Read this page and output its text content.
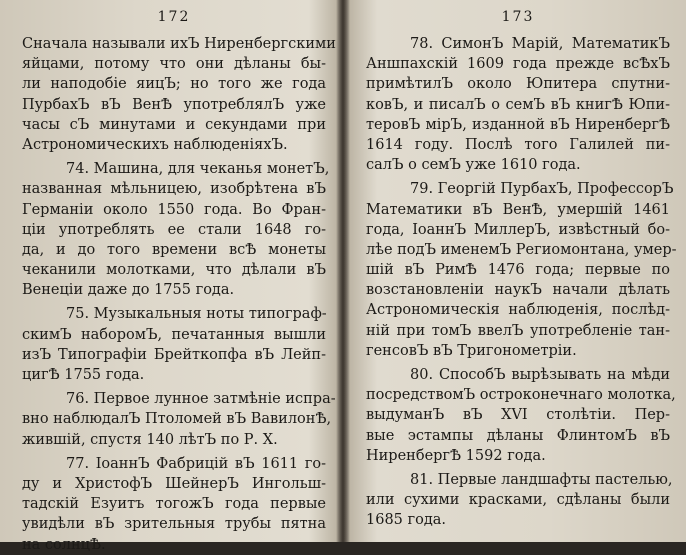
172
Сначала называли ихЪ Ниренбергскими
яйцами, потому что они дѣланы бы-
ли наподобіе яицЪ; но того же года
ПурбахЪ вЪ ВенѢ употреблялЪ уже
часы сЪ минутами и секундами при
Астрономическихъ наблюденіяхЪ.
74. Машина, для чеканья монетЪ,
названная мѣльницею, изобрѣтена вЪ
Германіи около 1550 года. Во Фран-
ціи употреблять ее стали 1648 го-
да, и до того времени всѢ монеты
чеканили молотками, что дѣлали вЪ
Венеціи даже до 1755 года.
75. Музыкальныя ноты типограф-
скимЪ наборомЪ, печатанныя вышли
изЪ Типографіи Брейткопфа вЪ Лейп-
цигѢ 1755 года.
76. Первое лунное затмѣніе испра-
вно наблюдалЪ Птоломей вЪ ВавилонѢ,
жившій, спустя 140 лѣтЪ по Р. Х.
77. ІоаннЪ Фабрицій вЪ 1611 го-
ду и ХристофЪ ШейнерЪ Ингольш-
тадскій Езуитъ тогожЪ года первые
увидѣли вЪ зрительныя трубы пятна
на солнцѢ.
173
78. СимонЪ Марій, МатематикЪ
Аншпахскій 1609 года прежде всѢхЪ
примѣтилЪ около Юпитера спутни-
ковЪ, и писалЪ о семЪ вЪ книгѢ Юпи-
теровЪ мірЪ, изданной вЪ НиренбергѢ
1614 году. Послѣ того Галилей пи-
салЪ о семЪ уже 1610 года.
79. Георгій ПурбахЪ, ПрофессорЪ
Математики вЪ ВенѢ, умершій 1461
года, ІоаннЪ МиллерЪ, извѣстный бо-
лѣе подЪ именемЪ Региомонтана, умер-
шій вЪ РимѢ 1476 года; первые по
возстановленіи наукЪ начали дѣлать
Астрономическія наблюденія, послѣд-
ній при томЪ ввелЪ употребленіе тан-
генсовЪ вЪ Тригонометріи.
80. СпособЪ вырѣзывать на мѣди
посредствомЪ остроконечнаго молотка,
выдуманЪ вЪ XVI столѣтіи. Пер-
вые эстампы дѣланы ФлинтомЪ вЪ
НиренбергѢ 1592 года.
81. Первые ландшафты пастелью,
или сухими красками, сдѣланы были
1685 года.
